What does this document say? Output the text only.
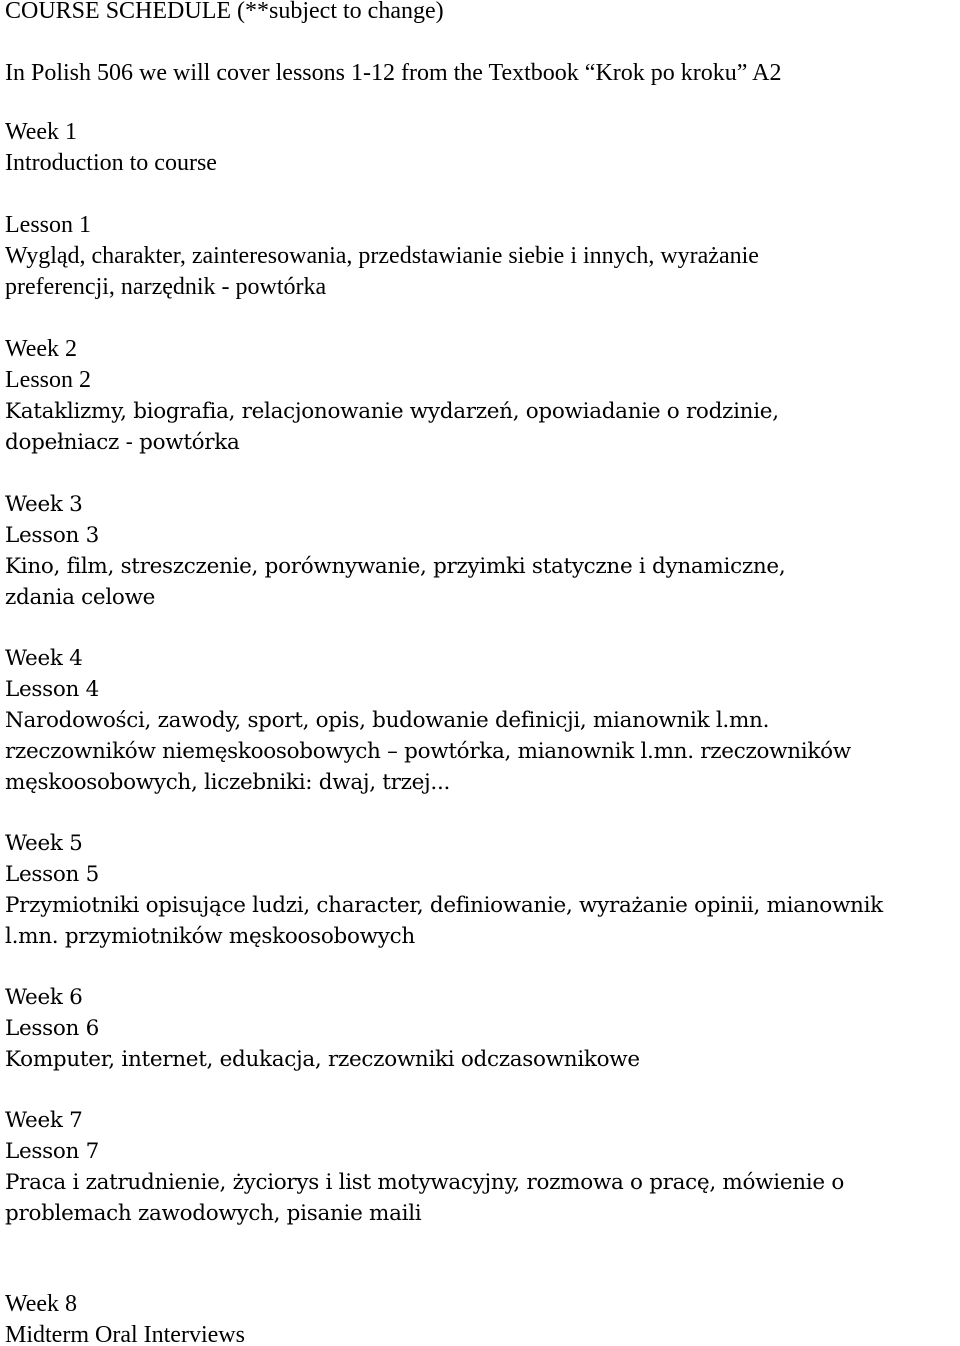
COURSE SCHEDULE (**subject to change)

In Polish 506 we will cover lessons 1-12 from the Textbook “Krok po kroku” A2

Week 1

Introduction to course

Lesson 1

Wygląd, charakter, zainteresowania, przedstawianie siebie i innych, wyrażanie

preferencji, narzędnik - powtórka

Week 2

Lesson 2

Kataklizmy, biografia, relacjonowanie wydarzeń, opowiadanie o rodzinie,

dopełniacz - powtórka

Week 3

Lesson 3

Kino, film, streszczenie, porównywanie, przyimki statyczne i dynamiczne,

zdania celowe

Week 4

Lesson 4

Narodowości, zawody, sport, opis, budowanie definicji, mianownik l.mn.

rzeczowników niemęskoosobowych – powtórka, mianownik l.mn. rzeczowników

męskoosobowych, liczebniki: dwaj, trzej...

Week 5

Lesson 5

Przymiotniki opisujące ludzi, character, definiowanie, wyrażanie opinii, mianownik

l.mn. przymiotników męskoosobowych

Week 6

Lesson 6

Komputer, internet, edukacja, rzeczowniki odczasownikowe

Week 7

Lesson 7

Praca i zatrudnienie, życiorys i list motywacyjny, rozmowa o pracę, mówienie o

problemach zawodowych, pisanie maili

Week 8

Midterm Oral Interviews
